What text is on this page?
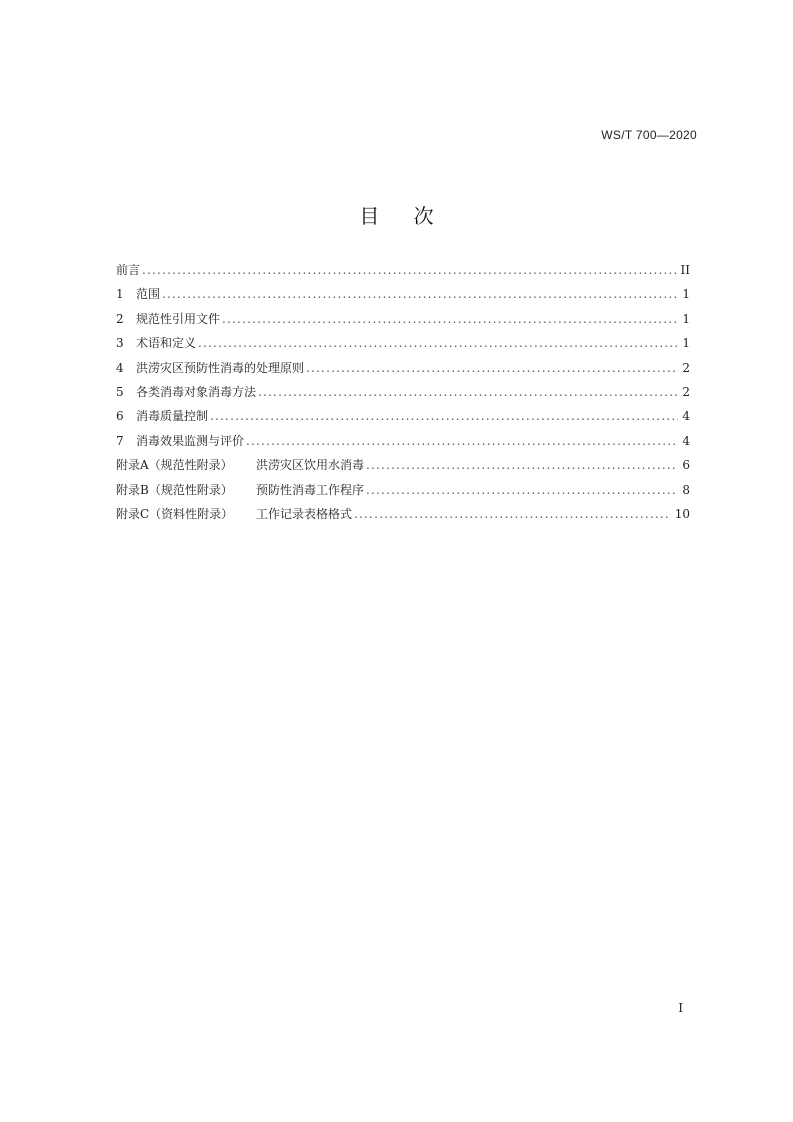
WS/T 700—2020
目 次
前言 .....	II
1 范围 .....	1
2 规范性引用文件 .....	1
3 术语和定义 .....	1
4 洪涝灾区预防性消毒的处理原则 .....	2
5 各类消毒对象消毒方法 .....	2
6 消毒质量控制 .....	4
7 消毒效果监测与评价 .....	4
附录A（规范性附录） 洪涝灾区饮用水消毒 .....	6
附录B（规范性附录） 预防性消毒工作程序 .....	8
附录C（资料性附录） 工作记录表格格式 .....	10
I
